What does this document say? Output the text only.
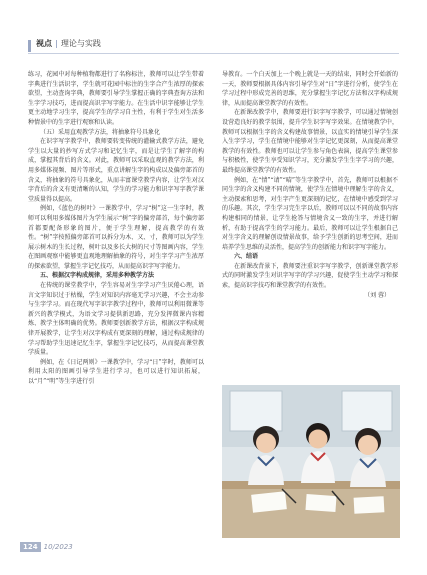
视点 | 理论与实践

练习，花园中对每种植物都进行了名称标注，教师可以让学生带着字典进行生活识字，学生就可花园中标注的生字合产生浓厚的探索欲望，主动查询字典，教师要引导学生掌握正确的字典查询方法和生字学习技巧，进而提高识字写字能力。在生活中识字能够让学生更主动地学习生字，提高学生的学习自主性，有利于学生对生活多种情景中的生字进行观察和认读。

（五）采用直观教学方法，将抽象符号具象化

在识字写字教学中，教师要转变传统的灌输式教学方法，避免学生以大量的抄写方式学习和记忆生字，而是让学生了解字的构成，掌握其背后的含义。对此，教师可以采取直观的教学方法，利用多媒体视频、图片等形式，重点讲解生字的构成以及偏旁部首的含义，将抽象的符号具象化，从而丰富课堂教学内容，让学生对汉字背后的含义有更清晰的认知，学生的学习能力和识字写字教学课堂质量得以提高。

例如，《蓝色的树叶》一课教学中，学习“树”这一生字时，教师可以利用多媒体图片为学生展示“树”字的偏旁部首，每个偏旁部首都要配备形象的图片，便于学生理解，提高教学的有效性。“树”字按照偏旁部首可以拆分为木、又、寸，教师可以为学生展示树木的生长过程，树叶以及多长大树的尺寸等图画内容，学生在图画观察中能够更直观地理解抽象的符号，对生字学习产生浓厚的探索欲望，掌握生字记忆技巧，从而提高识字写字能力。

五、根据汉字构成规律，采用多种教学方法

在传统的课堂教学中，学生容易对生字学习产生厌倦心理，语言文字知识过于枯燥，学生对知识内容毫无学习兴趣，不会主动参与生字学习。而在现代写字识字教学过程中，教师可以利用微课等新兴的教学模式，为语文学习提供新思路，充分发挥微课内容精炼、教学主体明确的优势。教师要创新教学方法，根据汉字构成规律开展教学，让学生对汉字构成有更深刻的理解，通过构成规律的学习帮助学生迅速记忆生字，掌握生字记忆技巧，从而提高课堂教学质量。

例如，在《日记两则》一课教学中，学习“日”字时，教师可以利用太阳的图画引导学生进行学习，也可以进行知识拓展，以“月”“明”等生字进行引

导教育。一个白天加上一个晚上就是一天的结束，同时会开始新的一天，教师要根据具体内容引导学生对“日”字进行分析，使学生在学习过程中形成完善的思维，充分掌握生字记忆方法和汉字构成规律，从而提高课堂教学的有效性。

在新课改教学中，教师要进行识字写字教学，可以通过情境创设营造良好的教学氛围，提升学生识字写字效果。在情境教学中，教师可以根据生字的含义构建故事情景，以直实的情境引导学生深入生字学习，学生在情境中能够对生字记忆更深刻，从而提高课堂教学的有效性。教师也可以让学生参与角色表演，提高学生课堂参与积极性，使学生享受知识学习，充分激发学生生字学习的兴趣，最终提高课堂教学的有效性。

例如，在“情”“请”“晴”等生字教学中，首先，教师可以根据不同生字的含义构建不同的情境，使学生在情境中理解生字的含义，主动探索和思考，对生字产生更深刻的记忆，在情境中感受到学习的乐趣。其次，学生学习完生字以后，教师可以以不同的故事内容构建相同的情景，让学生抢答与情境含义一致的生字，并进行解析，有助于提高学生的学习能力。最后，教师可以让学生根据自己对生字含义的理解创设情景故事，给予学生创新的思考空间，进而培养学生思维的灵活性，提高学生的创新能力和识字写字能力。

六、结语

在新课改背景下，教师要注重识字写字教学，创新课堂教学形式的同时激发学生对识字写字的学习兴趣，促使学生主动学习和探索，提高识字技巧和课堂教学的有效性。

（刘 蓉）

124 10/2023
